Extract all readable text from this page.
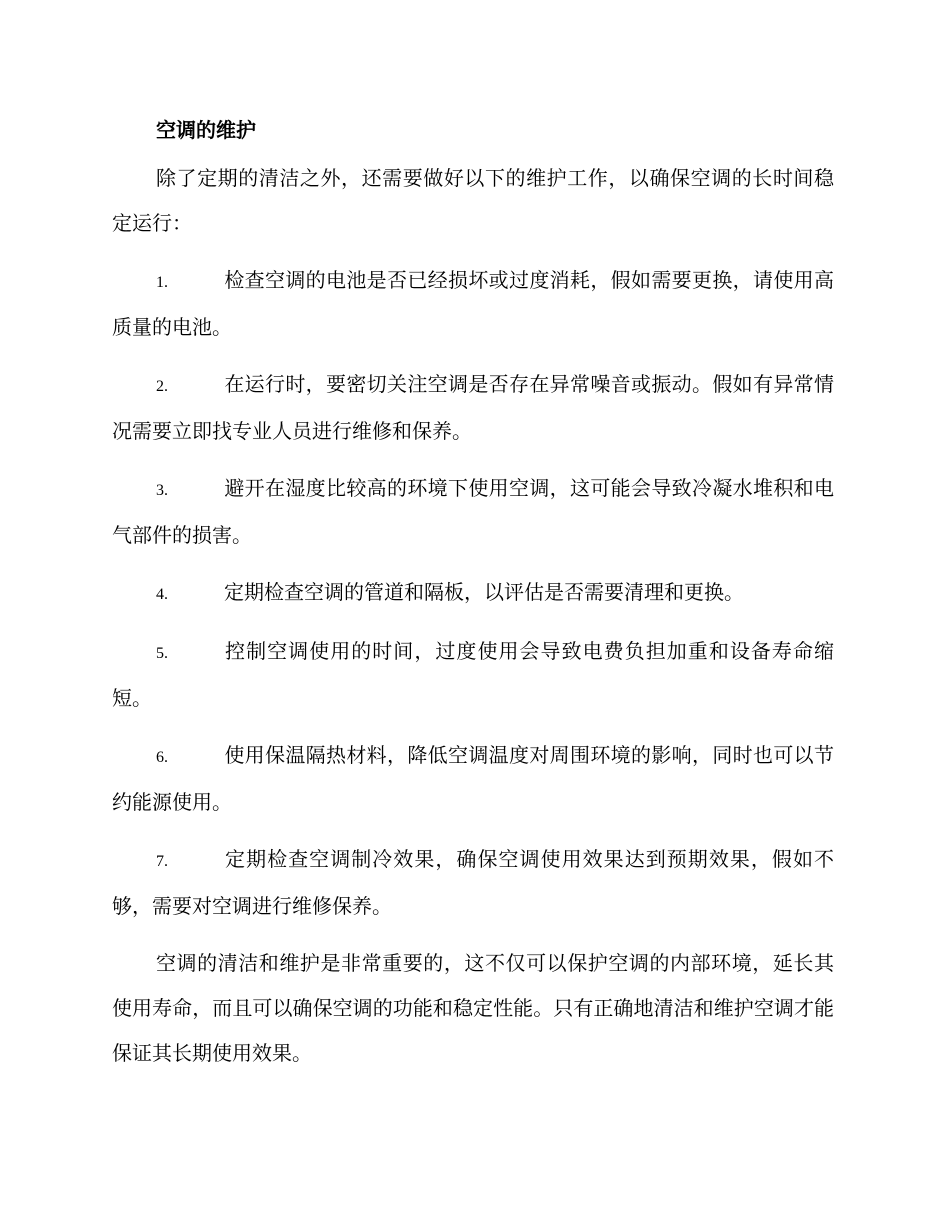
空调的维护

除了定期的清洁之外，还需要做好以下的维护工作，以确保空调的长时间稳定运行：

1.	检查空调的电池是否已经损坏或过度消耗，假如需要更换，请使用高质量的电池。

2.	在运行时，要密切关注空调是否存在异常噪音或振动。假如有异常情况需要立即找专业人员进行维修和保养。

3.	避开在湿度比较高的环境下使用空调，这可能会导致冷凝水堆积和电气部件的损害。

4.	定期检查空调的管道和隔板，以评估是否需要清理和更换。

5.	控制空调使用的时间，过度使用会导致电费负担加重和设备寿命缩短。

6.	使用保温隔热材料，降低空调温度对周围环境的影响，同时也可以节约能源使用。

7.	定期检查空调制冷效果，确保空调使用效果达到预期效果，假如不够，需要对空调进行维修保养。

空调的清洁和维护是非常重要的，这不仅可以保护空调的内部环境，延长其使用寿命，而且可以确保空调的功能和稳定性能。只有正确地清洁和维护空调才能保证其长期使用效果。
